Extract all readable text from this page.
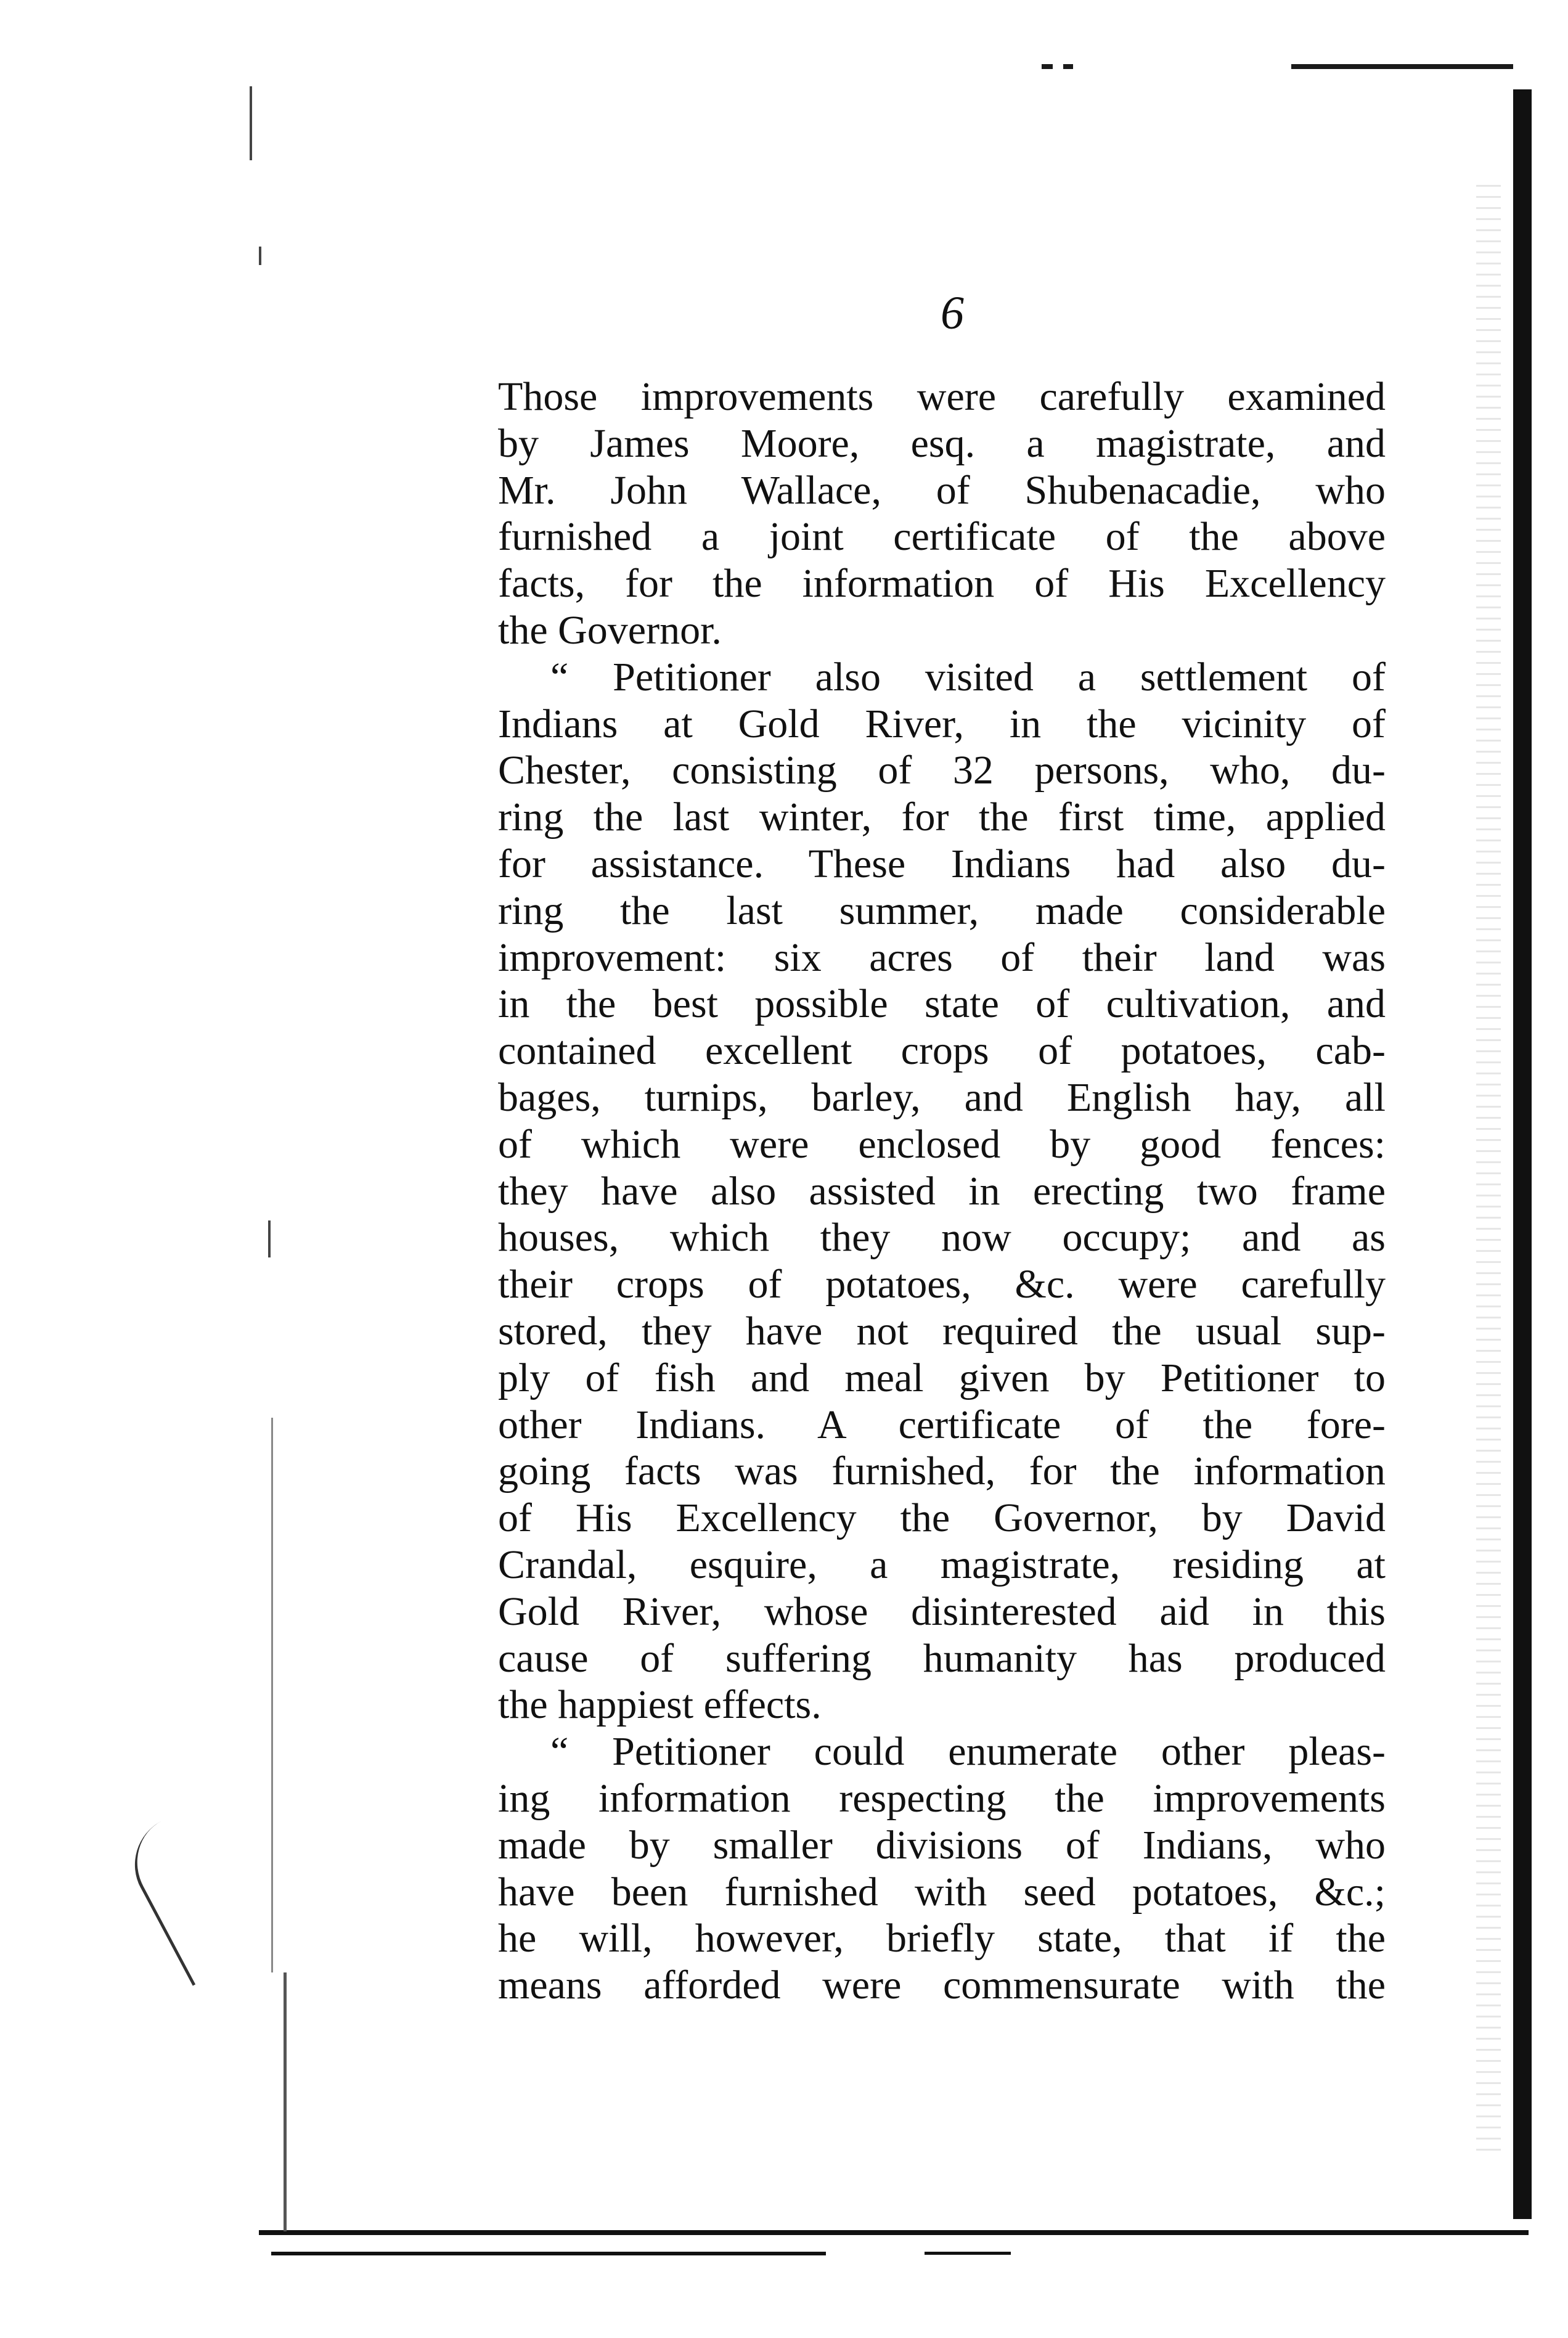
6
Those improvements were carefully examined
by James Moore, esq. a magistrate, and
Mr. John Wallace, of Shubenacadie, who
furnished a joint certificate of the above
facts, for the information of His Excellency
the Governor.
“ Petitioner also visited a settlement of
Indians at Gold River, in the vicinity of
Chester, consisting of 32 persons, who, du-
ring the last winter, for the first time, applied
for assistance. These Indians had also du-
ring the last summer, made considerable
improvement: six acres of their land was
in the best possible state of cultivation, and
contained excellent crops of potatoes, cab-
bages, turnips, barley, and English hay, all
of which were enclosed by good fences:
they have also assisted in erecting two frame
houses, which they now occupy; and as
their crops of potatoes, &c. were carefully
stored, they have not required the usual sup-
ply of fish and meal given by Petitioner to
other Indians. A certificate of the fore-
going facts was furnished, for the information
of His Excellency the Governor, by David
Crandal, esquire, a magistrate, residing at
Gold River, whose disinterested aid in this
cause of suffering humanity has produced
the happiest effects.
“ Petitioner could enumerate other pleas-
ing information respecting the improvements
made by smaller divisions of Indians, who
have been furnished with seed potatoes, &c.;
he will, however, briefly state, that if the
means afforded were commensurate with the
